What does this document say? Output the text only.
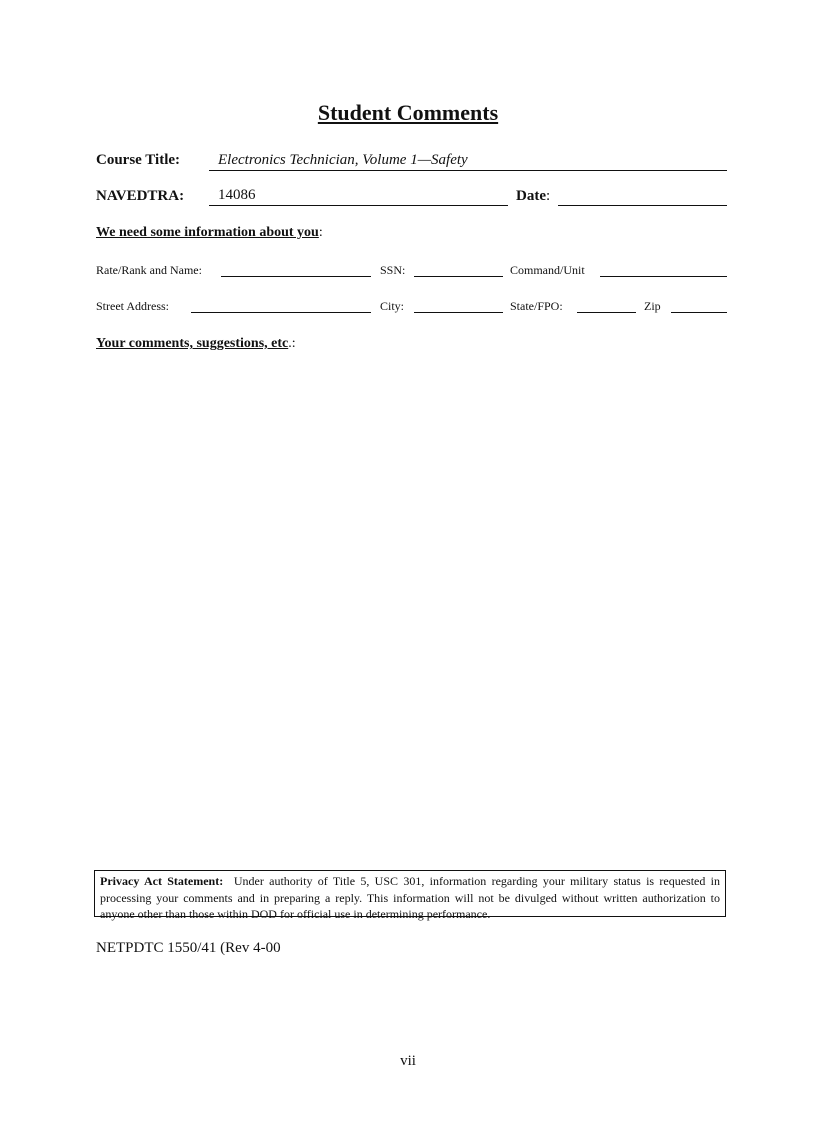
Student Comments
Course Title:	Electronics Technician, Volume 1—Safety
NAVEDTRA: 14086	Date:
We need some information about you:
Rate/Rank and Name:	SSN:	Command/Unit
Street Address:	City:	State/FPO:	Zip
Your comments, suggestions, etc.:
Privacy Act Statement: Under authority of Title 5, USC 301, information regarding your military status is requested in processing your comments and in preparing a reply. This information will not be divulged without written authorization to anyone other than those within DOD for official use in determining performance.
NETPDTC 1550/41 (Rev 4-00
vii
